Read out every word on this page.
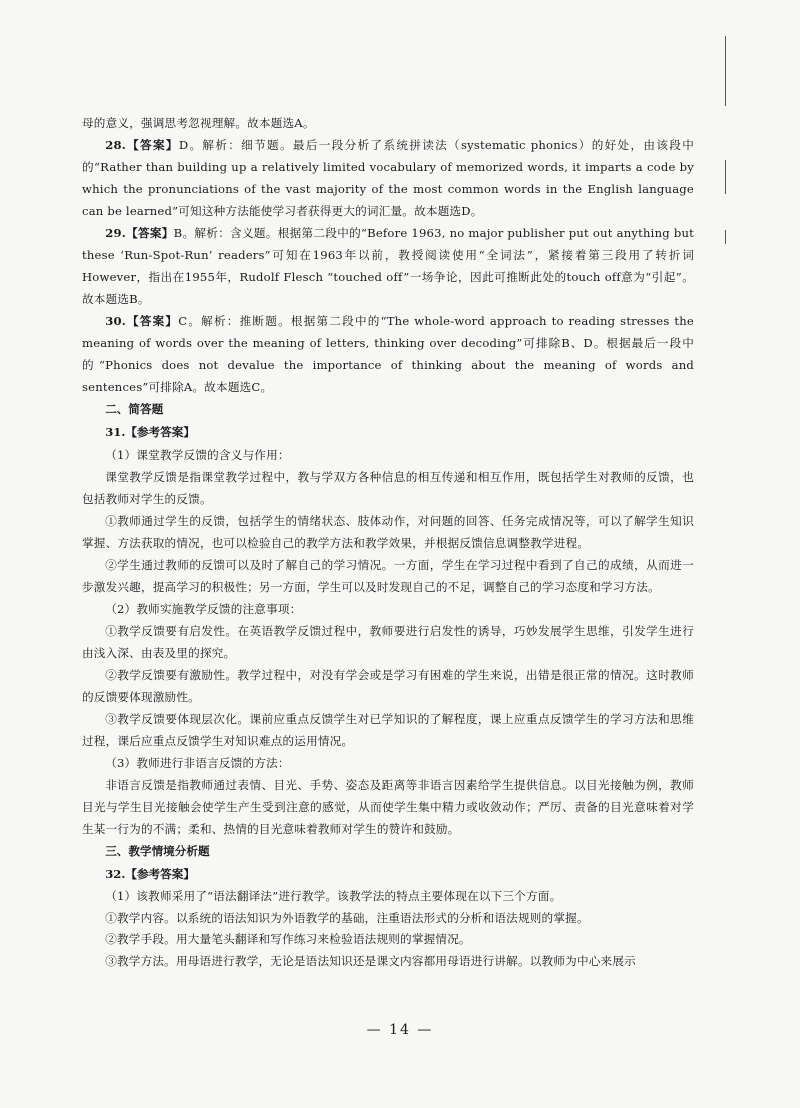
母的意义，强调思考忽视理解。故本题选A。

28.【答案】D。解析：细节题。最后一段分析了系统拼读法（systematic phonics）的好处，由该段中的“Rather than building up a relatively limited vocabulary of memorized words, it imparts a code by which the pronunciations of the vast majority of the most common words in the English language can be learned”可知这种方法能使学习者获得更大的词汇量。故本题选D。

29.【答案】B。解析：含义题。根据第二段中的“Before 1963, no major publisher put out anything but these ‘Run-Spot-Run’ readers”可知在1963年以前，教授阅读使用“全词法”，紧接着第三段用了转折词However，指出在1955年，Rudolf Flesch “touched off”一场争论，因此可推断此处的touch off意为“引起”。故本题选B。

30.【答案】C。解析：推断题。根据第二段中的“The whole-word approach to reading stresses the meaning of words over the meaning of letters, thinking over decoding”可排除B、D。根据最后一段中的“Phonics does not devalue the importance of thinking about the meaning of words and sentences”可排除A。故本题选C。

二、简答题

31.【参考答案】

（1）课堂教学反馈的含义与作用：

课堂教学反馈是指课堂教学过程中，教与学双方各种信息的相互传递和相互作用，既包括学生对教师的反馈，也包括教师对学生的反馈。

①教师通过学生的反馈，包括学生的情绪状态、肢体动作，对问题的回答、任务完成情况等，可以了解学生知识掌握、方法获取的情况，也可以检验自己的教学方法和教学效果，并根据反馈信息调整教学进程。

②学生通过教师的反馈可以及时了解自己的学习情况。一方面，学生在学习过程中看到了自己的成绩，从而进一步激发兴趣，提高学习的积极性；另一方面，学生可以及时发现自己的不足，调整自己的学习态度和学习方法。

（2）教师实施教学反馈的注意事项：

①教学反馈要有启发性。在英语教学反馈过程中，教师要进行启发性的诱导，巧妙发展学生思维，引发学生进行由浅入深、由表及里的探究。

②教学反馈要有激励性。教学过程中，对没有学会或是学习有困难的学生来说，出错是很正常的情况。这时教师的反馈要体现激励性。

③教学反馈要体现层次化。课前应重点反馈学生对已学知识的了解程度，课上应重点反馈学生的学习方法和思维过程，课后应重点反馈学生对知识难点的运用情况。

（3）教师进行非语言反馈的方法：

非语言反馈是指教师通过表情、目光、手势、姿态及距离等非语言因素给学生提供信息。以目光接触为例，教师目光与学生目光接触会使学生产生受到注意的感觉，从而使学生集中精力或收敛动作；严厉、责备的目光意味着对学生某一行为的不满；柔和、热情的目光意味着教师对学生的赞许和鼓励。

三、教学情境分析题

32.【参考答案】

（1）该教师采用了“语法翻译法”进行教学。该教学法的特点主要体现在以下三个方面。

①教学内容。以系统的语法知识为外语教学的基础，注重语法形式的分析和语法规则的掌握。

②教学手段。用大量笔头翻译和写作练习来检验语法规则的掌握情况。

③教学方法。用母语进行教学，无论是语法知识还是课文内容都用母语进行讲解。以教师为中心来展示

— 14 —
